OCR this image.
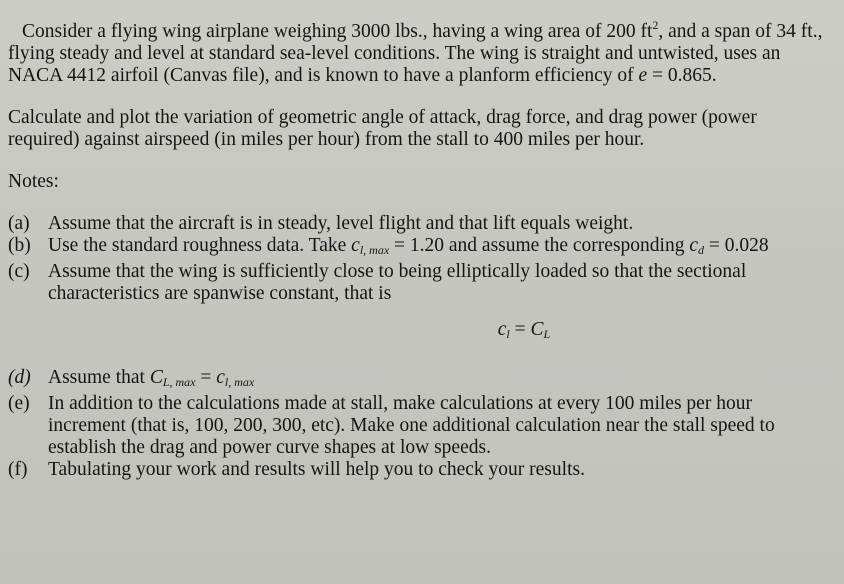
Consider a flying wing airplane weighing 3000 lbs., having a wing area of 200 $ft^2$, and a span of 34 ft., flying steady and level at standard sea-level conditions. The wing is straight and untwisted, uses an NACA 4412 airfoil (Canvas file), and is known to have a planform efficiency of e = 0.865.

Calculate and plot the variation of geometric angle of attack, drag force, and drag power (power required) against airspeed (in miles per hour) from the stall to 400 miles per hour.

Notes:

(a) Assume that the aircraft is in steady, level flight and that lift equals weight.
(b) Use the standard roughness data. Take $c_{l, max} = 1.20$ and assume the corresponding $c_d = 0.028$
(c) Assume that the wing is sufficiently close to being elliptically loaded so that the sectional characteristics are spanwise constant, that is
$c_l = C_L$
(d) Assume that $C_{L, max} = c_{l, max}$
(e) In addition to the calculations made at stall, make calculations at every 100 miles per hour increment (that is, 100, 200, 300, etc). Make one additional calculation near the stall speed to establish the drag and power curve shapes at low speeds.
(f)	Tabulating your work and results will help you to check your results.
